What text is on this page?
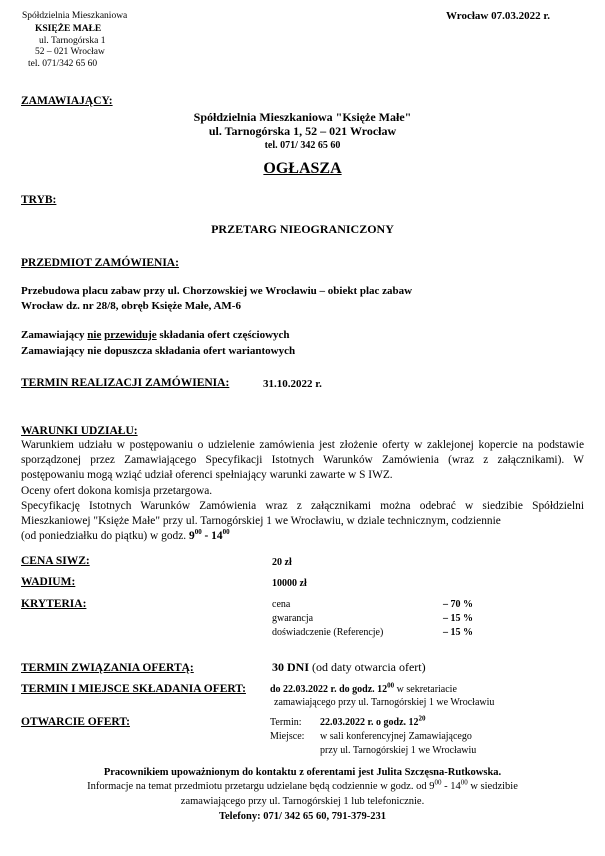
Spółdzielnia Mieszkaniowa
KSIĘŻE MAŁE
ul. Tarnogórska 1
52 – 021 Wrocław
tel. 071/342 65 60
Wrocław 07.03.2022 r.
ZAMAWIAJĄCY:
Spółdzielnia Mieszkaniowa "Księże Małe"
ul. Tarnogórska 1, 52 – 021 Wrocław
tel. 071/ 342 65 60
OGŁASZA
TRYB:
PRZETARG NIEOGRANICZONY
PRZEDMIOT ZAMÓWIENIA:
Przebudowa placu zabaw przy ul. Chorzowskiej we Wrocławiu – obiekt plac zabaw
Wrocław dz. nr 28/8, obręb Księże Małe, AM-6
Zamawiający nie przewiduje składania ofert częściowych
Zamawiający nie dopuszcza składania ofert wariantowych
TERMIN REALIZACJI ZAMÓWIENIA:	31.10.2022 r.
WARUNKI UDZIAŁU:
Warunkiem udziału w postępowaniu o udzielenie zamówienia jest złożenie oferty w zaklejonej kopercie na podstawie sporządzonej przez Zamawiającego Specyfikacji Istotnych Warunków Zamówienia (wraz z załącznikami). W postępowaniu mogą wziąć udział oferenci spełniający warunki zawarte w S IWZ.
Oceny ofert dokona komisja przetargowa.
Specyfikację Istotnych Warunków Zamówienia wraz z załącznikami można odebrać w siedzibie Spółdzielni Mieszkaniowej "Księże Małe" przy ul. Tarnogórskiej 1 we Wrocławiu, w dziale technicznym, codziennie
(od poniedziałku do piątku) w godz. $9^{00} - 14^{00}$
CENA SIWZ:	20 zł
WADIUM:	10000 zł
KRYTERIA:	cena	– 70 %
gwarancja	– 15 %
doświadczenie (Referencje)	– 15 %
TERMIN ZWIĄZANIA OFERTĄ:	30 DNI (od daty otwarcia ofert)
TERMIN I MIEJSCE SKŁADANIA OFERT: do 22.03.2022 r. do godz. $12^{00}$ w sekretariacie
zamawiającego przy ul. Tarnogórskiej 1 we Wrocławiu
OTWARCIE OFERT:	Termin: 22.03.2022 r. o godz. $12^{20}$
Miejsce: w sali konferencyjnej Zamawiającego
przy ul. Tarnogórskiej 1 we Wrocławiu
Pracownikiem upoważnionym do kontaktu z oferentami jest Julita Szczęsna-Rutkowska.
Informacje na temat przedmiotu przetargu udzielane będą codziennie w godz. od $9^{00} - 14^{00}$ w siedzibie
zamawiającego przy ul. Tarnogórskiej 1 lub telefonicznie.
Telefony: 071/ 342 65 60, 791-379-231
